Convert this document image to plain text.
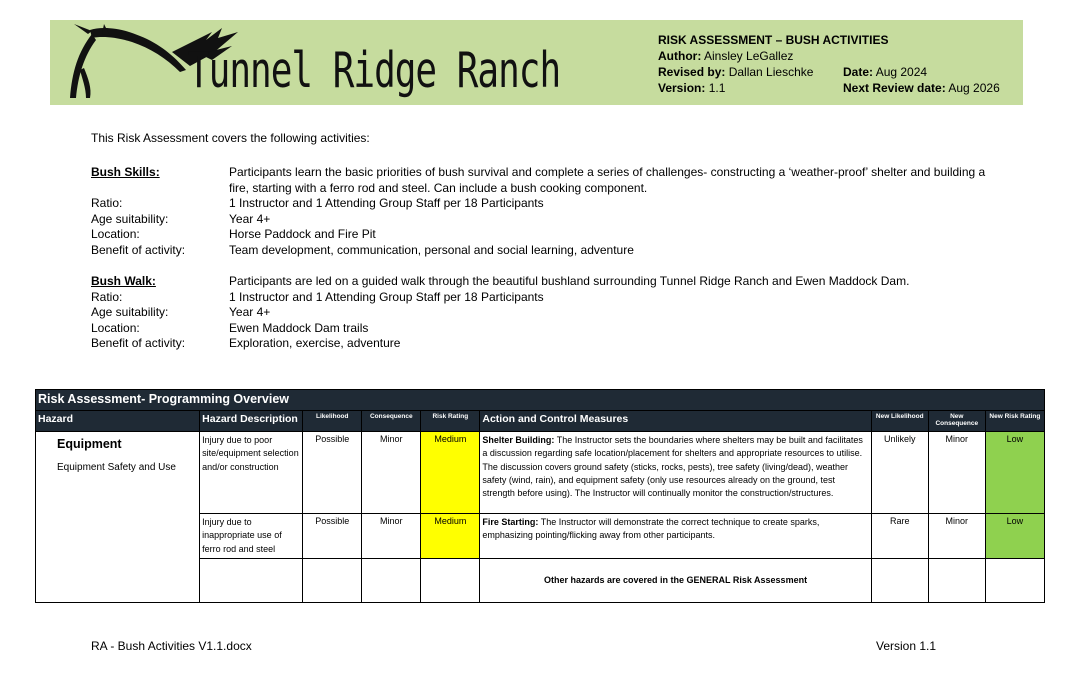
Tunnel Ridge Ranch
RISK ASSESSMENT – BUSH ACTIVITIES
Author: Ainsley LeGallez
Revised by: Dallan Lieschke Date: Aug 2024
Version: 1.1	Next Review date: Aug 2026
This Risk Assessment covers the following activities:
Bush Skills:	Participants learn the basic priorities of bush survival and complete a series of challenges- constructing a ‘weather-proof’ shelter and building a
fire, starting with a ferro rod and steel. Can include a bush cooking component.
Ratio:	1 Instructor and 1 Attending Group Staff per 18 Participants
Age suitability:	Year 4+
Location:	Horse Paddock and Fire Pit
Benefit of activity:	Team development, communication, personal and social learning, adventure
Bush Walk:	Participants are led on a guided walk through the beautiful bushland surrounding Tunnel Ridge Ranch and Ewen Maddock Dam.
Ratio:	1 Instructor and 1 Attending Group Staff per 18 Participants
Age suitability:	Year 4+
Location:	Ewen Maddock Dam trails
Benefit of activity:	Exploration, exercise, adventure
Risk Assessment- Programming Overview								
Hazard	Hazard Description	Likelihood	Consequence	Risk Rating	Action and Control Measures	New Likelihood	New Consequence	New Risk Rating

Equipment
Equipment Safety and Use	Injury due to poor site/equipment selection and/or construction	Possible	Minor	Medium	Shelter Building: The Instructor sets the boundaries where shelters may be built and facilitates a discussion regarding safe location/placement for shelters and appropriate resources to utilise. The discussion covers ground safety (sticks, rocks, pests), tree safety (living/dead), weather safety (wind, rain), and equipment safety (only use resources already on the ground, test strength before using). The Instructor will continually monitor the construction/structures.	Unlikely	Minor	Low
	Injury due to inappropriate use of ferro rod and steel	Possible	Minor	Medium	Fire Starting: The Instructor will demonstrate the correct technique to create sparks, emphasizing pointing/flicking away from other participants.	Rare	Minor	Low
					Other hazards are covered in the GENERAL Risk Assessment			
RA - Bush Activities V1.1.docx	Version 1.1
